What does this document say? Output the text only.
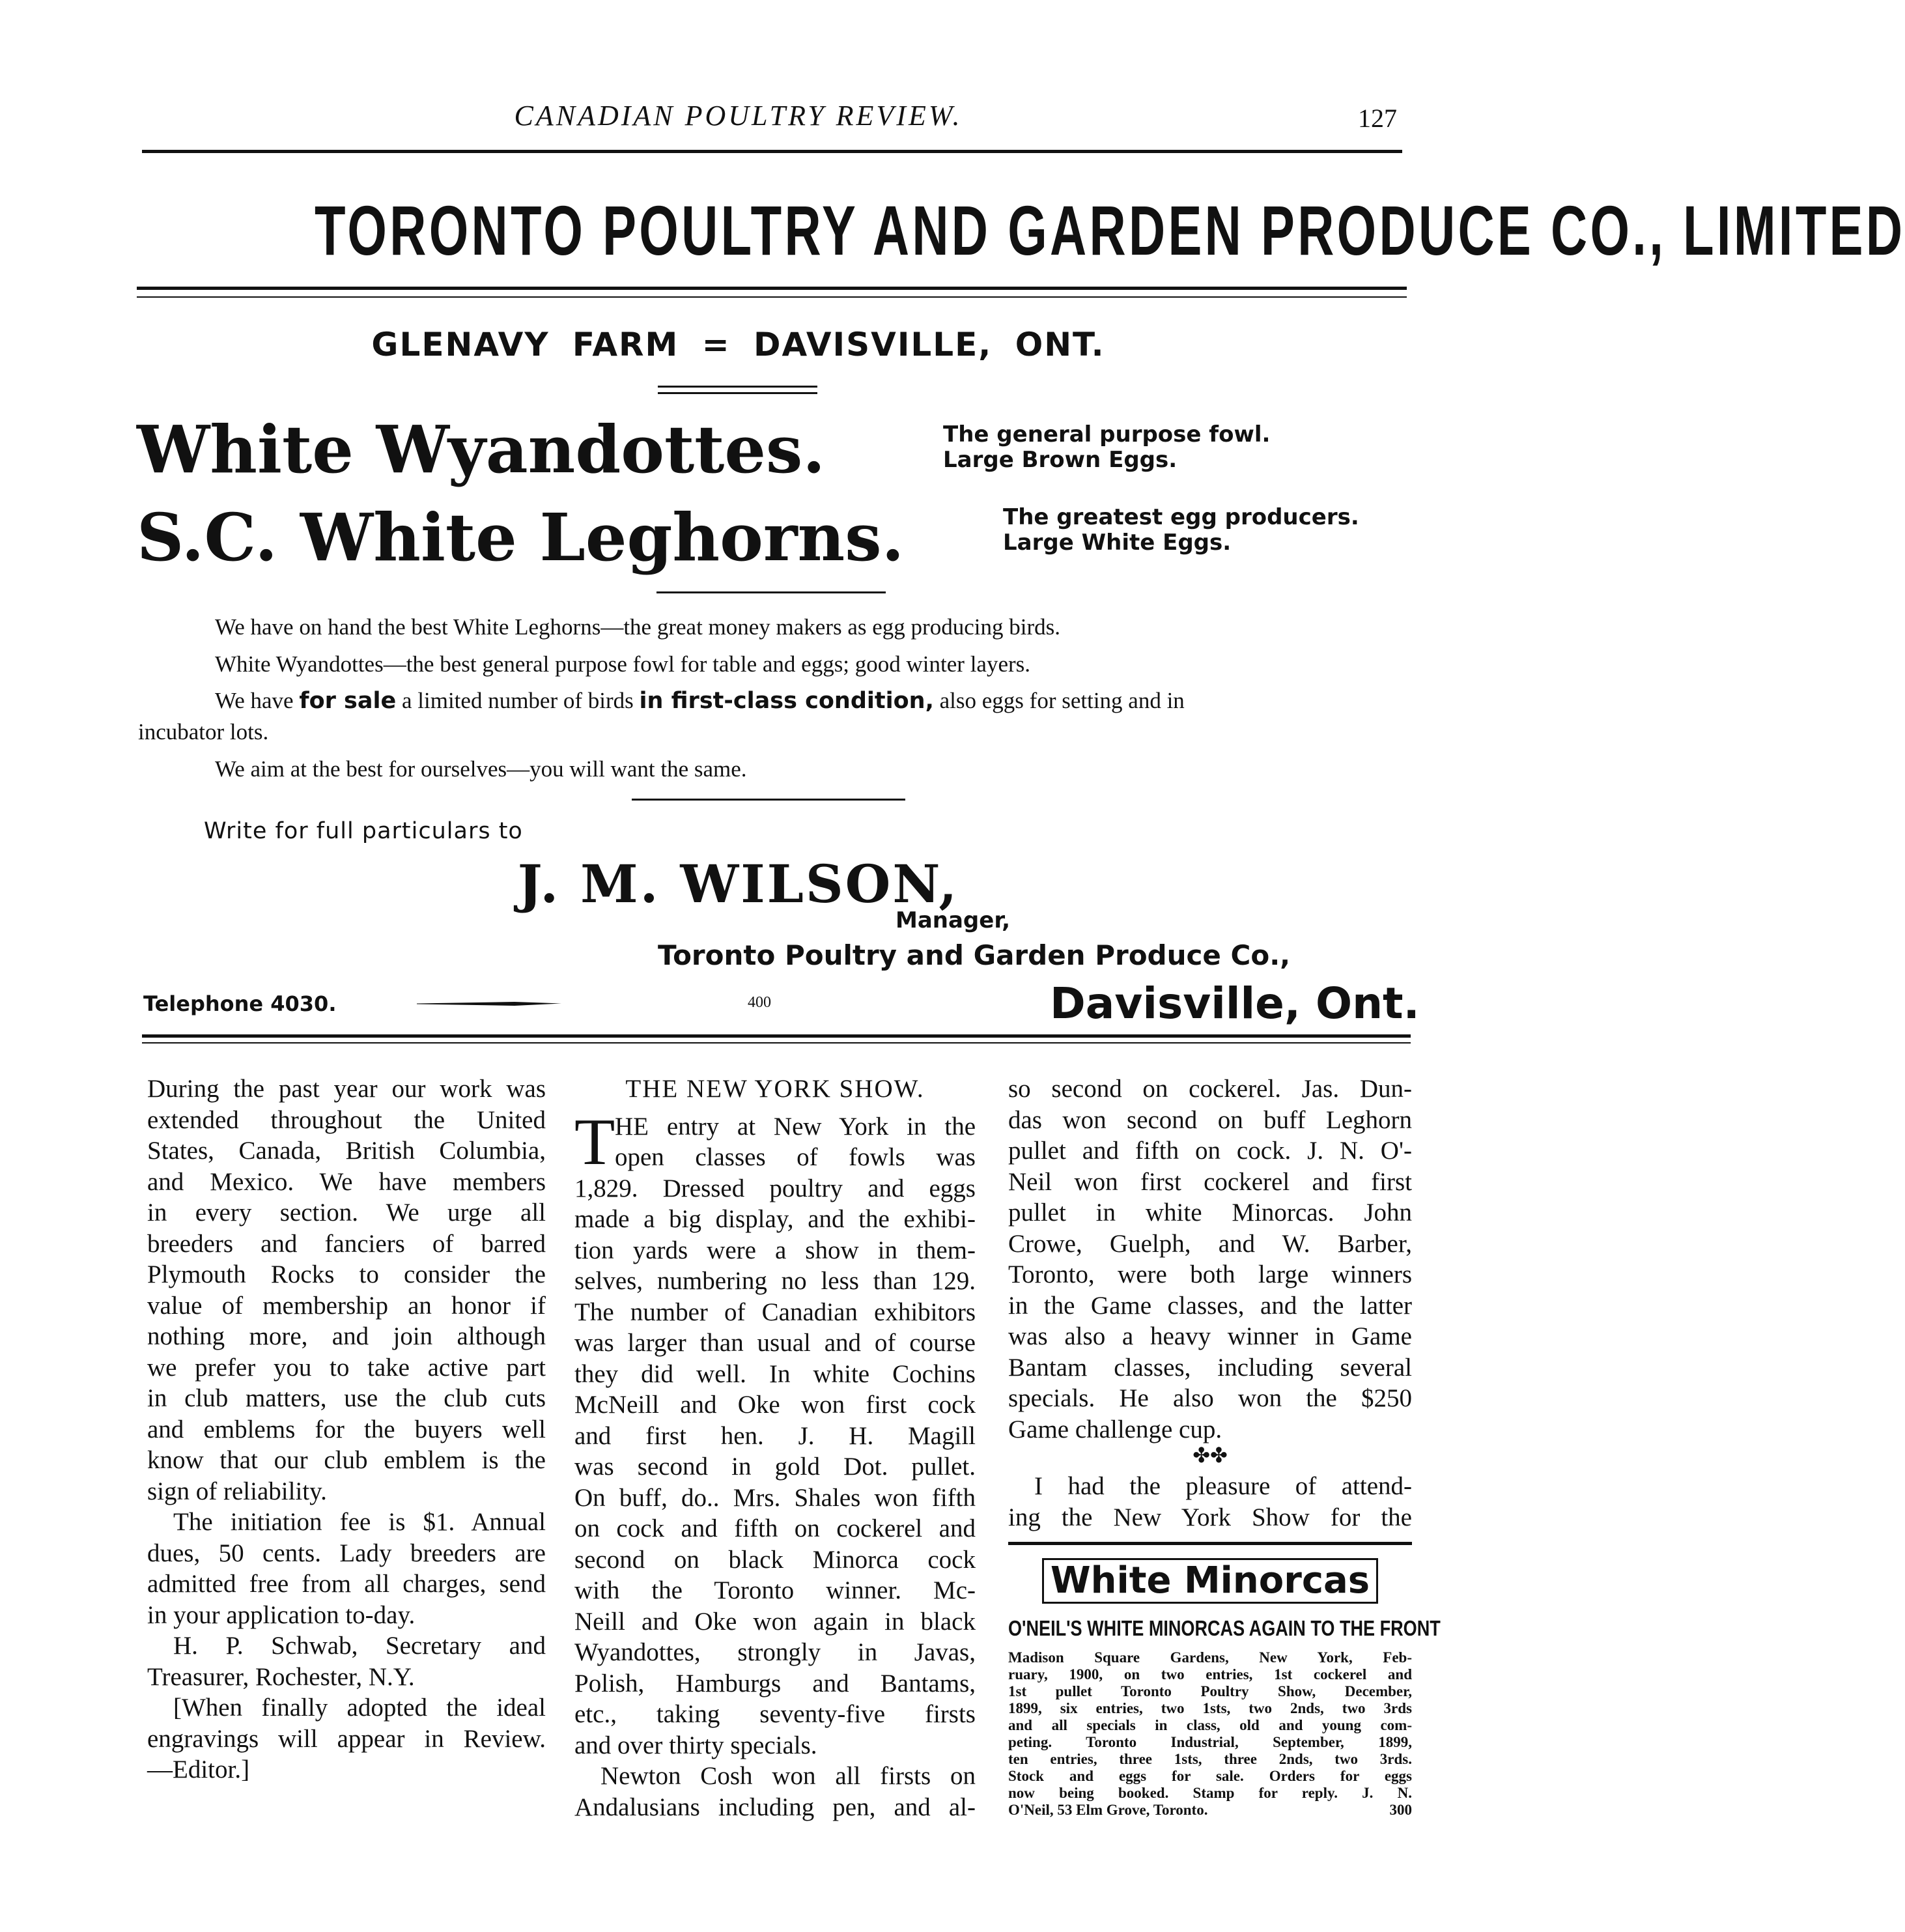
CANADIAN POULTRY REVIEW.	127
TORONTO POULTRY AND GARDEN PRODUCE CO., LIMITED
GLENAVY FARM = DAVISVILLE, ONT.
White Wyandottes.	The general purpose fowl.
Large Brown Eggs.
S.C. White Leghorns.	The greatest egg producers.
Large White Eggs.
We have on hand the best White Leghorns—the great money makers as egg producing birds.
White Wyandottes—the best general purpose fowl for table and eggs; good winter layers.
We have for sale a limited number of birds in first-class condition, also eggs for setting and in
incubator lots.
We aim at the best for ourselves—you will want the same.
Write for full particulars to
J. M. WILSON,
Manager,
Toronto Poultry and Garden Produce Co.,
Telephone 4030.	400	Davisville, Ont.
During the past year our work was
extended throughout the United
States, Canada, British Columbia,
and Mexico. We have members
in every section. We urge all
breeders and fanciers of barred
Plymouth Rocks to consider the
value of membership an honor if
nothing more, and join although
we prefer you to take active part
in club matters, use the club cuts
and emblems for the buyers well
know that our club emblem is the
sign of reliability.
The initiation fee is $1. Annual
dues, 50 cents. Lady breeders are
admitted free from all charges, send
in your application to-day.
H. P. Schwab, Secretary and
Treasurer, Rochester, N.Y.
[When finally adopted the ideal
engravings will appear in Review.
—Editor.]
THE NEW YORK SHOW.
T HE entry at New York in the
open classes of fowls was
1,829. Dressed poultry and eggs
made a big display, and the exhibi-
tion yards were a show in them-
selves, numbering no less than 129.
The number of Canadian exhibitors
was larger than usual and of course
they did well. In white Cochins
McNeill and Oke won first cock
and first hen. J. H. Magill
was second in gold Dot. pullet.
On buff, do.. Mrs. Shales won fifth
on cock and fifth on cockerel and
second on black Minorca cock
with the Toronto winner. Mc-
Neill and Oke won again in black
Wyandottes, strongly in Javas,
Polish, Hamburgs and Bantams,
etc., taking seventy-five firsts
and over thirty specials.
Newton Cosh won all firsts on
Andalusians including pen, and al-
so second on cockerel. Jas. Dun-
das won second on buff Leghorn
pullet and fifth on cock. J. N. O'-
Neil won first cockerel and first
pullet in white Minorcas. John
Crowe, Guelph, and W. Barber,
Toronto, were both large winners
in the Game classes, and the latter
was also a heavy winner in Game
Bantam classes, including several
specials. He also won the $250
Game challenge cup.
✤✤
I had the pleasure of attend-
ing the New York Show for the
White Minorcas
O'NEIL'S WHITE MINORCAS AGAIN TO THE FRONT
Madison Square Gardens, New York, Feb-
ruary, 1900, on two entries, 1st cockerel and
1st pullet Toronto Poultry Show, December,
1899, six entries, two 1sts, two 2nds, two 3rds
and all specials in class, old and young com-
peting. Toronto Industrial, September, 1899,
ten entries, three 1sts, three 2nds, two 3rds.
Stock and eggs for sale. Orders for eggs
now being booked. Stamp for reply. J. N.
O'Neil, 53 Elm Grove, Toronto.	300
